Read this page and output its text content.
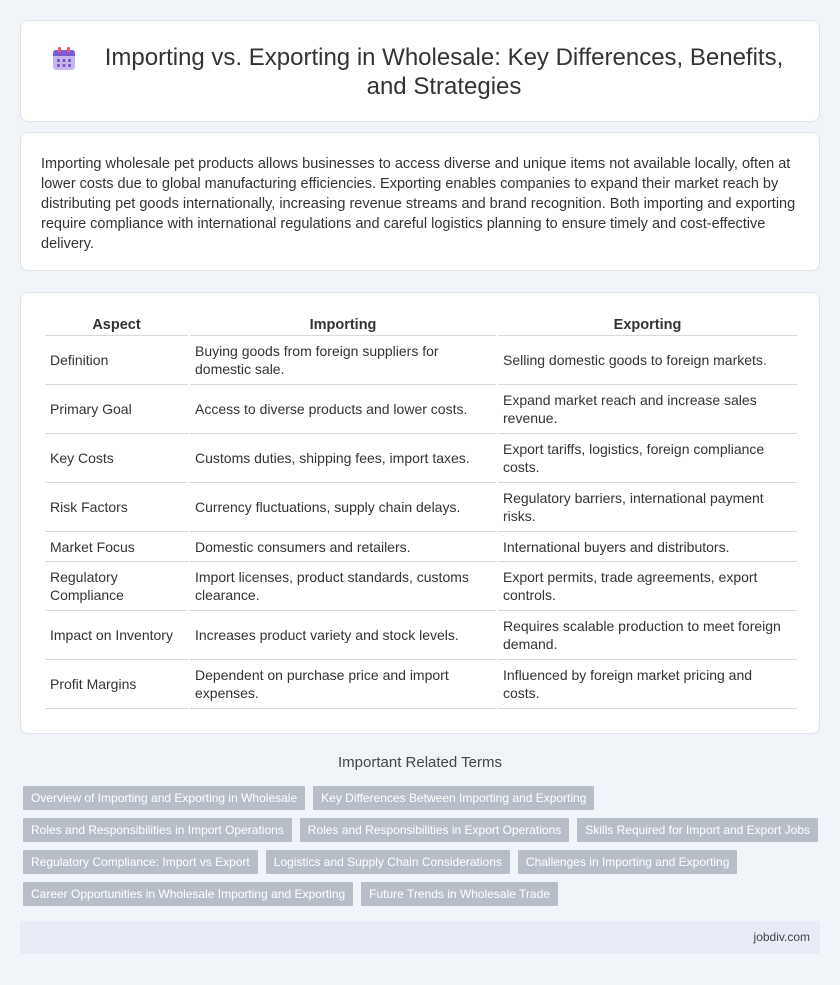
Importing vs. Exporting in Wholesale: Key Differences, Benefits, and Strategies

Importing wholesale pet products allows businesses to access diverse and unique items not available locally, often at lower costs due to global manufacturing efficiencies. Exporting enables companies to expand their market reach by distributing pet goods internationally, increasing revenue streams and brand recognition. Both importing and exporting require compliance with international regulations and careful logistics planning to ensure timely and cost-effective delivery.

Aspect	Importing	Exporting
Definition	Buying goods from foreign suppliers for domestic sale.	Selling domestic goods to foreign markets.
Primary Goal	Access to diverse products and lower costs.	Expand market reach and increase sales revenue.
Key Costs	Customs duties, shipping fees, import taxes.	Export tariffs, logistics, foreign compliance costs.
Risk Factors	Currency fluctuations, supply chain delays.	Regulatory barriers, international payment risks.
Market Focus	Domestic consumers and retailers.	International buyers and distributors.
Regulatory Compliance	Import licenses, product standards, customs clearance.	Export permits, trade agreements, export controls.
Impact on Inventory	Increases product variety and stock levels.	Requires scalable production to meet foreign demand.
Profit Margins	Dependent on purchase price and import expenses.	Influenced by foreign market pricing and costs.
Important Related Terms
Overview of Importing and Exporting in Wholesale	Key Differences Between Importing and Exporting
Roles and Responsibilities in Import Operations	Roles and Responsibilities in Export Operations	Skills Required for Import and Export Jobs
Regulatory Compliance: Import vs Export	Logistics and Supply Chain Considerations	Challenges in Importing and Exporting
Career Opportunities in Wholesale Importing and Exporting	Future Trends in Wholesale Trade
jobdiv.com
